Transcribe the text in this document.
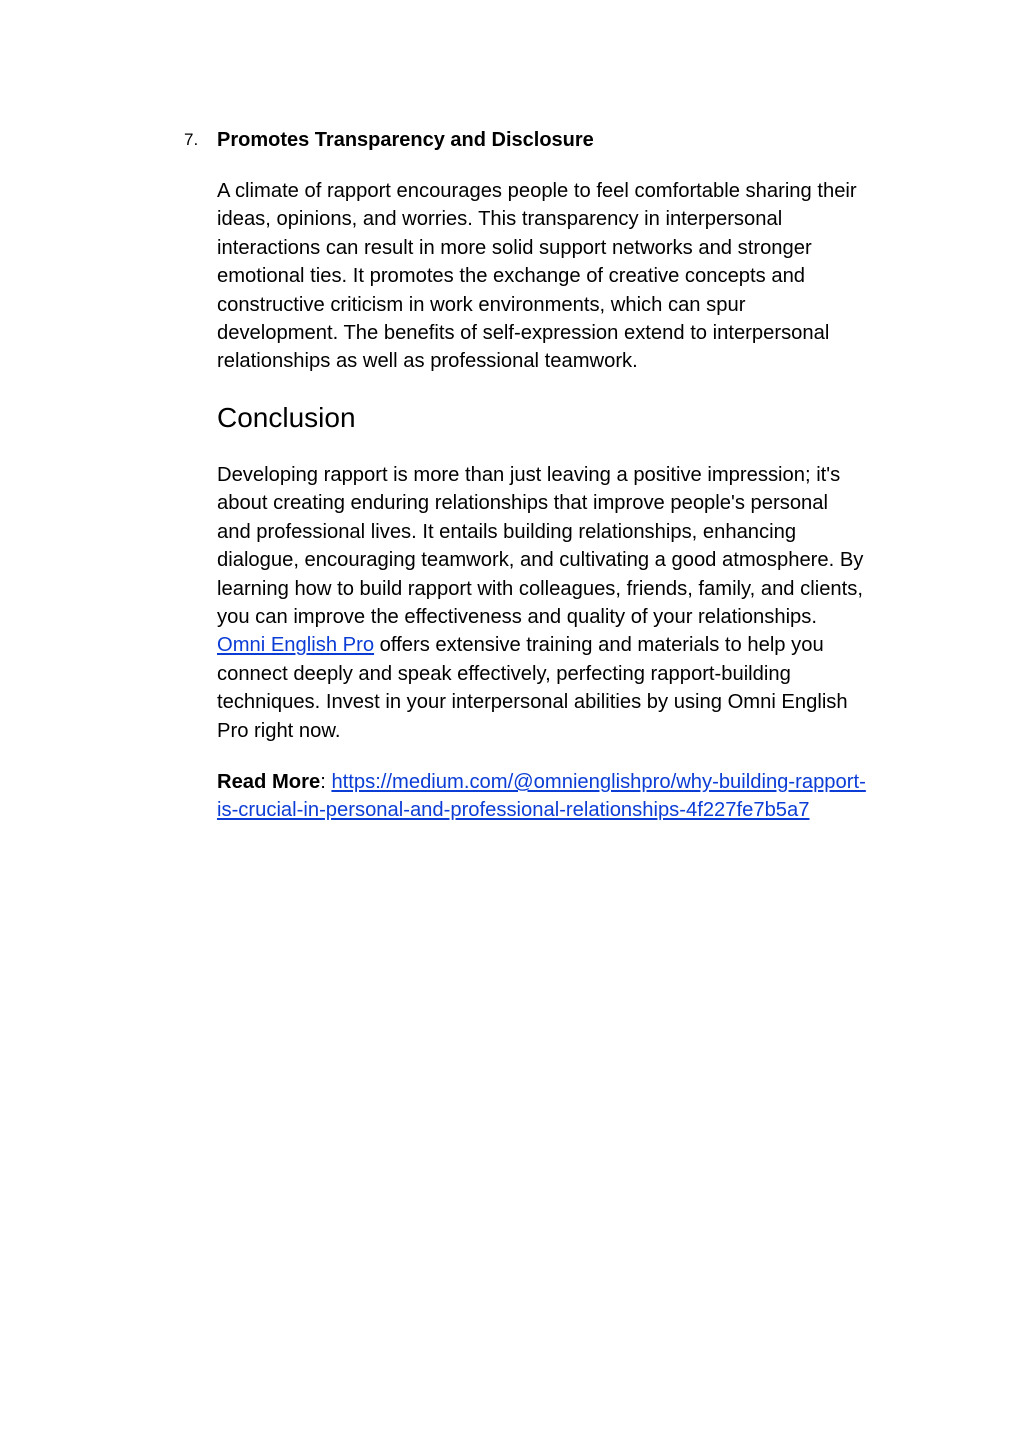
7. Promotes Transparency and Disclosure

A climate of rapport encourages people to feel comfortable sharing their ideas, opinions, and worries. This transparency in interpersonal interactions can result in more solid support networks and stronger emotional ties. It promotes the exchange of creative concepts and constructive criticism in work environments, which can spur development. The benefits of self-expression extend to interpersonal relationships as well as professional teamwork.

Conclusion

Developing rapport is more than just leaving a positive impression; it's about creating enduring relationships that improve people's personal and professional lives. It entails building relationships, enhancing dialogue, encouraging teamwork, and cultivating a good atmosphere. By learning how to build rapport with colleagues, friends, family, and clients, you can improve the effectiveness and quality of your relationships. Omni English Pro offers extensive training and materials to help you connect deeply and speak effectively, perfecting rapport-building techniques. Invest in your interpersonal abilities by using Omni English Pro right now.

Read More: https://medium.com/@omnienglishpro/why-building-rapport-is-crucial-in-personal-and-professional-relationships-4f227fe7b5a7
